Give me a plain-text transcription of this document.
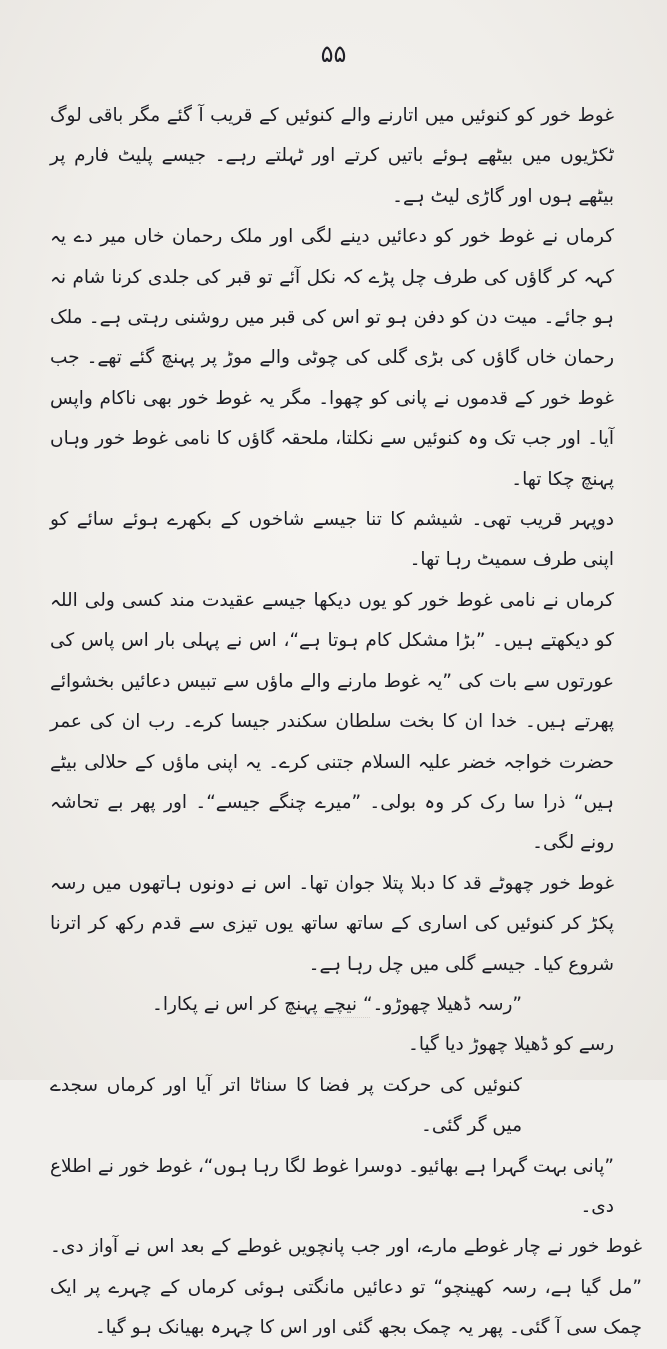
۵۵

غوط خور کو کنوئیں میں اتارنے والے کنوئیں کے قریب آ گئے مگر باقی لوگ ٹکڑیوں میں بیٹھے ہوئے باتیں کرتے اور ٹہلتے رہے۔ جیسے پلیٹ فارم پر بیٹھے ہوں اور گاڑی لیٹ ہے۔

کرماں نے غوط خور کو دعائیں دینے لگی اور ملک رحمان خاں میر دے یہ کہہ کر گاؤں کی طرف چل پڑے کہ نکل آئے تو قبر کی جلدی کرنا شام نہ ہو جائے۔ میت دن کو دفن ہو تو اس کی قبر میں روشنی رہتی ہے۔ ملک رحمان خاں گاؤں کی بڑی گلی کی چوٹی والے موڑ پر پہنچ گئے تھے۔ جب غوط خور کے قدموں نے پانی کو چھوا۔ مگر یہ غوط خور بھی ناکام واپس آیا۔ اور جب تک وہ کنوئیں سے نکلتا، ملحقہ گاؤں کا نامی غوط خور وہاں پہنچ چکا تھا۔

دوپہر قریب تھی۔ شیشم کا تنا جیسے شاخوں کے بکھرے ہوئے سائے کو اپنی طرف سمیٹ رہا تھا۔

کرماں نے نامی غوط خور کو یوں دیکھا جیسے عقیدت مند کسی ولی اللہ کو دیکھتے ہیں۔ ”بڑا مشکل کام ہوتا ہے“، اس نے پہلی بار اس پاس کی عورتوں سے بات کی ”یہ غوط مارنے والے ماؤں سے تبیس دعائیں بخشوائے پھرتے ہیں۔ خدا ان کا بخت سلطان سکندر جیسا کرے۔ رب ان کی عمر حضرت خواجہ خضر علیہ السلام جتنی کرے۔ یہ اپنی ماؤں کے حلالی بیٹے ہیں“ ذرا سا رک کر وہ بولی۔ ”میرے چنگے جیسے“۔ اور پھر بے تحاشہ رونے لگی۔

غوط خور چھوٹے قد کا دبلا پتلا جوان تھا۔ اس نے دونوں ہاتھوں میں رسہ پکڑ کر کنوئیں کی اساری کے ساتھ ساتھ یوں تیزی سے قدم رکھ کر اترنا شروع کیا۔ جیسے گلی میں چل رہا ہے۔

”رسہ ڈھیلا چھوڑو۔“ نیچے پہنچ کر اس نے پکارا۔

رسے کو ڈھیلا چھوڑ دیا گیا۔

کنوئیں کی حرکت پر فضا کا سناٹا اتر آیا اور کرماں سجدے میں گر گئی۔

”پانی بہت گہرا ہے بھائیو۔ دوسرا غوط لگا رہا ہوں“، غوط خور نے اطلاع دی۔

غوط خور نے چار غوطے مارے، اور جب پانچویں غوطے کے بعد اس نے آواز دی۔ ”مل گیا ہے، رسہ کھینچو“ تو دعائیں مانگتی ہوئی کرماں کے چہرے پر ایک چمک سی آ گئی۔ پھر یہ چمک بجھ گئی اور اس کا چہرہ بھیانک ہو گیا۔
